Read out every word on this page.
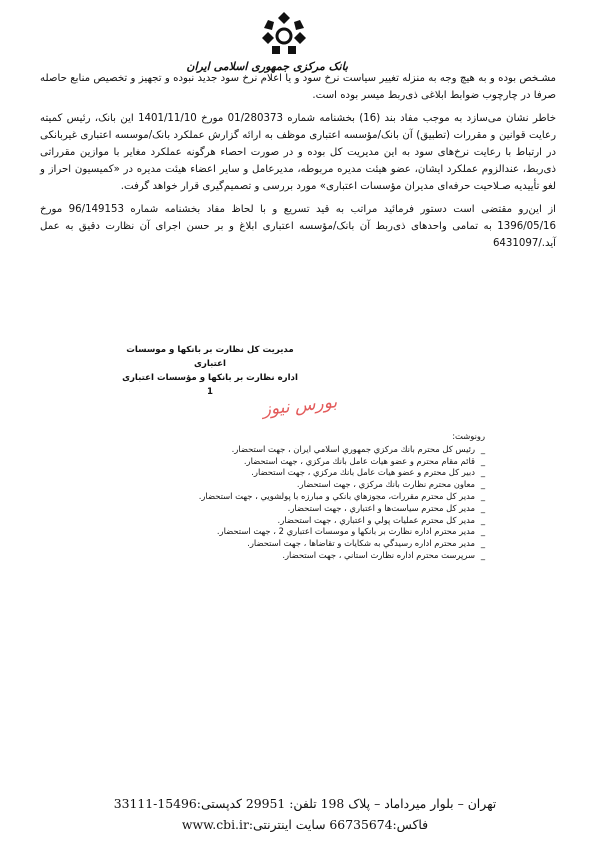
بانک مرکزی جمهوری اسلامی ایران

مشـخص بوده و به هیچ وجه به منزله تغییر سیاست نرخ سود و یا اعلام نرخ سود جدید نبوده و تجهیز و تخصیص منابع حاصله صرفا در چارچوب ضوابط ابلاغی ذی‌ربط میسر بوده است.

خاطر نشان می‌سازد به موجب مفاد بند (16) بخشنامه شماره 01/280373 مورخ 1401/11/10 این بانک، رئیس کمیته رعایت قوانین و مقررات (تطبیق) آن بانک/مؤسسه اعتباری موظف به ارائه گزارش عملکرد بانک/موسسه اعتباری غیربانکی در ارتباط با رعایت نرخ‌های سود به این مدیریت کل بوده و در صورت احصاء هرگونه عملکرد مغایر با موازین مقرراتی ذی‌ربط، عندالزوم عملکرد ایشان، عضو هیئت مدیره مربوطه، مدیرعامل و سایر اعضاء هیئت مدیره در «کمیسیون احراز و لغو تأییدیه صـلاحیت حرفه‌ای مدیران مؤسسات اعتباری» مورد بررسی و تصمیم‌گیری قرار خواهد گرفت.

از این‌رو مقتضی است دستور فرمائید مراتب به قید تسریع و با لحاظ مفاد بخشنامه شماره 96/149153 مورخ 1396/05/16 به تمامی واحدهای ذی‌ربط آن بانک/مؤسسه اعتباری ابلاغ و بر حسن اجرای آن نظارت دقیق به عمل آید./6431097

مدیریت کل نظارت بر بانکها و موسسات اعتباری
اداره نظارت بر بانکها و مؤسسات اعتباری 1
بورس نیوز
رونوشت:
_رئيس كل محترم بانك مركزي جمهوري اسلامي ايران ، جهت استحضار.
_قائم مقام محترم و عضو هيات عامل بانك مركزي ، جهت استحضار.
_دبير كل محترم و عضو هيات عامل بانك مركزي ، جهت استحضار.
_معاون محترم نظارت بانك مركزي ، جهت استحضار.
_مدير كل محترم مقررات، مجوزهاي بانكي و مبارزه با پولشويي ، جهت استحضار.
_مدير كل محترم سياست‌ها و اعتباري ، جهت استحضار.
_مدير كل محترم عمليات پولي و اعتباري ، جهت استحضار.
_مدير محترم اداره نظارت بر بانكها و موسسات اعتباري 2 ، جهت استحضار.
_مدير محترم اداره رسيدگي به شكايات و تقاضاها ، جهت استحضار.
_سرپرست محترم اداره نظارت استاني ، جهت استحضار.
تهران – بلوار ميرداماد – پلاک 198 تلفن: 29951 كدپستی:15496-33111
فاکس:66735674 سايت اينترنتی:www.cbi.ir
